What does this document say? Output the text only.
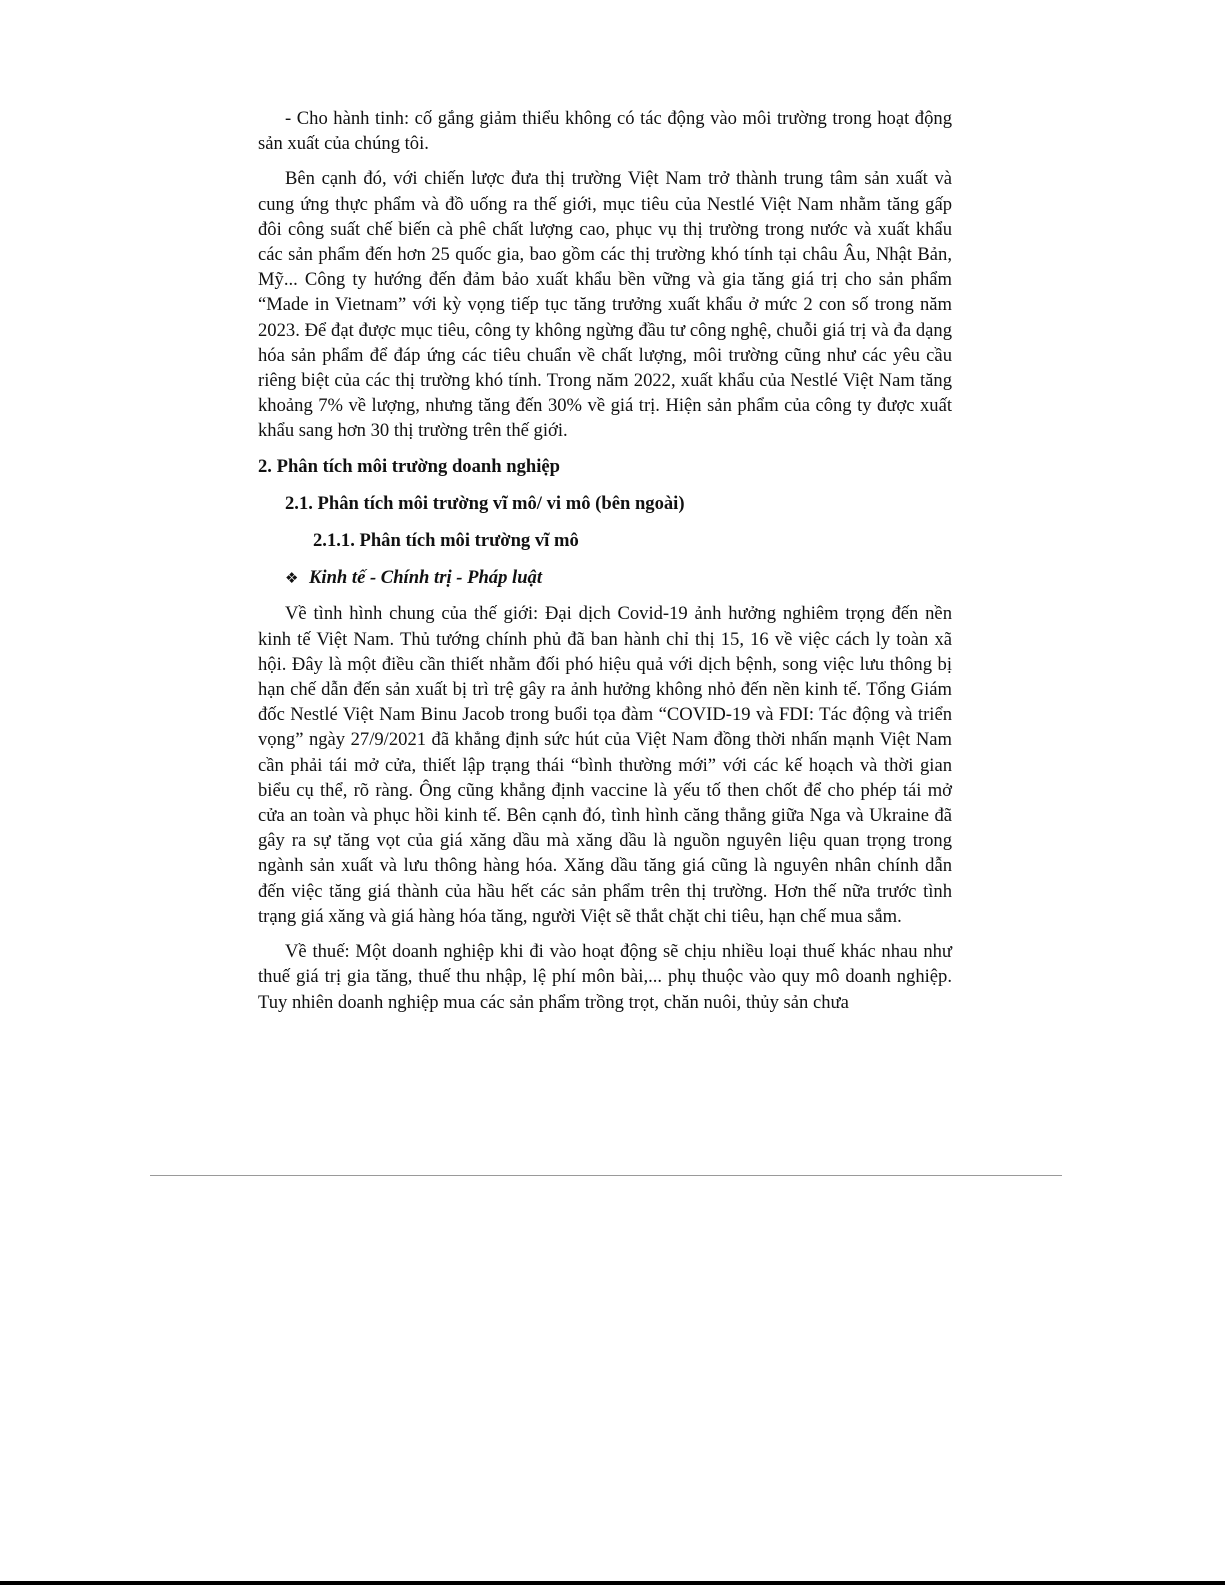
- Cho hành tinh: cố gắng giảm thiểu không có tác động vào môi trường trong hoạt động sản xuất của chúng tôi.

Bên cạnh đó, với chiến lược đưa thị trường Việt Nam trở thành trung tâm sản xuất và cung ứng thực phẩm và đồ uống ra thế giới, mục tiêu của Nestlé Việt Nam nhằm tăng gấp đôi công suất chế biến cà phê chất lượng cao, phục vụ thị trường trong nước và xuất khẩu các sản phẩm đến hơn 25 quốc gia, bao gồm các thị trường khó tính tại châu Âu, Nhật Bản, Mỹ... Công ty hướng đến đảm bảo xuất khẩu bền vững và gia tăng giá trị cho sản phẩm “Made in Vietnam” với kỳ vọng tiếp tục tăng trưởng xuất khẩu ở mức 2 con số trong năm 2023. Để đạt được mục tiêu, công ty không ngừng đầu tư công nghệ, chuỗi giá trị và đa dạng hóa sản phẩm để đáp ứng các tiêu chuẩn về chất lượng, môi trường cũng như các yêu cầu riêng biệt của các thị trường khó tính. Trong năm 2022, xuất khẩu của Nestlé Việt Nam tăng khoảng 7% về lượng, nhưng tăng đến 30% về giá trị. Hiện sản phẩm của công ty được xuất khẩu sang hơn 30 thị trường trên thế giới.

2. Phân tích môi trường doanh nghiệp
2.1. Phân tích môi trường vĩ mô/ vi mô (bên ngoài)
2.1.1. Phân tích môi trường vĩ mô
❖ Kinh tế - Chính trị - Pháp luật

Về tình hình chung của thế giới: Đại dịch Covid-19 ảnh hưởng nghiêm trọng đến nền kinh tế Việt Nam. Thủ tướng chính phủ đã ban hành chỉ thị 15, 16 về việc cách ly toàn xã hội. Đây là một điều cần thiết nhằm đối phó hiệu quả với dịch bệnh, song việc lưu thông bị hạn chế dẫn đến sản xuất bị trì trệ gây ra ảnh hưởng không nhỏ đến nền kinh tế. Tổng Giám đốc Nestlé Việt Nam Binu Jacob trong buổi tọa đàm “COVID-19 và FDI: Tác động và triển vọng” ngày 27/9/2021 đã khẳng định sức hút của Việt Nam đồng thời nhấn mạnh Việt Nam cần phải tái mở cửa, thiết lập trạng thái “bình thường mới” với các kế hoạch và thời gian biểu cụ thể, rõ ràng. Ông cũng khẳng định vaccine là yếu tố then chốt để cho phép tái mở cửa an toàn và phục hồi kinh tế. Bên cạnh đó, tình hình căng thẳng giữa Nga và Ukraine đã gây ra sự tăng vọt của giá xăng dầu mà xăng dầu là nguồn nguyên liệu quan trọng trong ngành sản xuất và lưu thông hàng hóa. Xăng dầu tăng giá cũng là nguyên nhân chính dẫn đến việc tăng giá thành của hầu hết các sản phẩm trên thị trường. Hơn thế nữa trước tình trạng giá xăng và giá hàng hóa tăng, người Việt sẽ thắt chặt chi tiêu, hạn chế mua sắm.

Về thuế: Một doanh nghiệp khi đi vào hoạt động sẽ chịu nhiều loại thuế khác nhau như thuế giá trị gia tăng, thuế thu nhập, lệ phí môn bài,... phụ thuộc vào quy mô doanh nghiệp. Tuy nhiên doanh nghiệp mua các sản phẩm trồng trọt, chăn nuôi, thủy sản chưa
